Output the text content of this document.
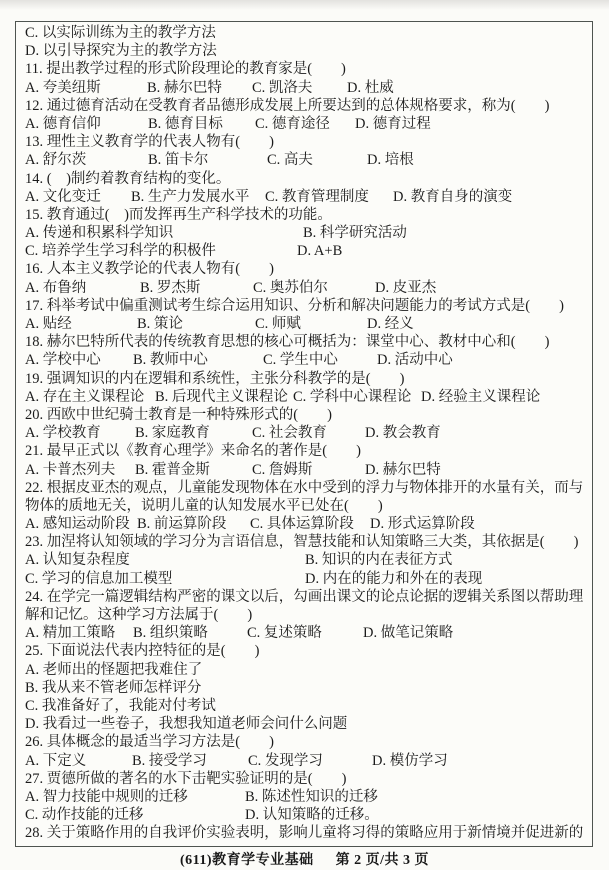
C. 以实际训练为主的教学方法
D. 以引导探究为主的教学方法
11. 提出教学过程的形式阶段理论的教育家是(　　)
A. 夸美纽斯	B. 赫尔巴特 C. 凯洛夫 D. 杜威
12. 通过德育活动在受教育者品德形成发展上所要达到的总体规格要求，称为(　　)
A. 德育信仰	B. 德育目标 C. 德育途径 D. 德育过程
13. 理性主义教育学的代表人物有(　　)
A. 舒尔茨	B. 笛卡尔	C. 高夫	D. 培根
14. (　)制约着教育结构的变化。
A. 文化变迁 B. 生产力发展水平 C. 教育管理制度 D. 教育自身的演变
15. 教育通过(　)而发挥再生产科学技术的功能。
A. 传递和积累科学知识	B. 科学研究活动
C. 培养学生学习科学的积极件	D. A+B
16. 人本主义教学论的代表人物有(　　)
A. 布鲁纳	B. 罗杰斯	C. 奥苏伯尔	D. 皮亚杰
17. 科举考试中偏重测试考生综合运用知识、分析和解决问题能力的考试方式是(　　)
A. 贴经	B. 策论	C. 师赋	D. 经义
18. 赫尔巴特所代表的传统教育思想的核心可概括为：课堂中心、教材中心和(　　)
A. 学校中心 B. 教师中心	C. 学生中心	D. 活动中心
19. 强调知识的内在逻辑和系统性，主张分科教学的是(　　)
A. 存在主义课程论 B. 后现代主义课程论 C. 学科中心课程论 D. 经验主义课程论
20. 西欧中世纪骑士教育是一种特殊形式的(　　)
A. 学校教育 B. 家庭教育	C. 社会教育	D. 教会教育
21. 最早正式以《教育心理学》来命名的著作是(　　)
A. 卡普杰列夫 B. 霍普金斯	C. 詹姆斯	D. 赫尔巴特
22. 根据皮亚杰的观点，儿童能发现物体在水中受到的浮力与物体排开的水量有关，而与
物体的质地无关，说明儿童的认知发展水平已处在(　　)
A. 感知运动阶段 B. 前运算阶段 C. 具体运算阶段 D. 形式运算阶段
23. 加涅将认知领域的学习分为言语信息，智慧技能和认知策略三大类，其依据是(　　)
A. 认知复杂程度	B. 知识的内在表征方式
C. 学习的信息加工模型	D. 内在的能力和外在的表现
24. 在学完一篇逻辑结构严密的课文以后，勾画出课文的论点论据的逻辑关系图以帮助理
解和记忆。这种学习方法属于(　　)
A. 精加工策略 B. 组织策略	C. 复述策略	D. 做笔记策略
25. 下面说法代表内控特征的是(　　)
A. 老师出的怪题把我难住了
B. 我从来不管老师怎样评分
C. 我准备好了，我能对付考试
D. 我看过一些卷子，我想我知道老师会问什么问题
26. 具体概念的最适当学习方法是(　　)
A. 下定义	B. 接受学习	C. 发现学习	D. 模仿学习
27. 贾德所做的著名的水下击靶实验证明的是(　　)
A. 智力技能中规则的迁移	B. 陈述性知识的迁移
C. 动作技能的迁移	D. 认知策略的迁移。
28. 关于策略作用的自我评价实验表明，影响儿童将习得的策略应用于新情境并促进新的
(611)教育学专业基础 第 2 页/共 3 页
